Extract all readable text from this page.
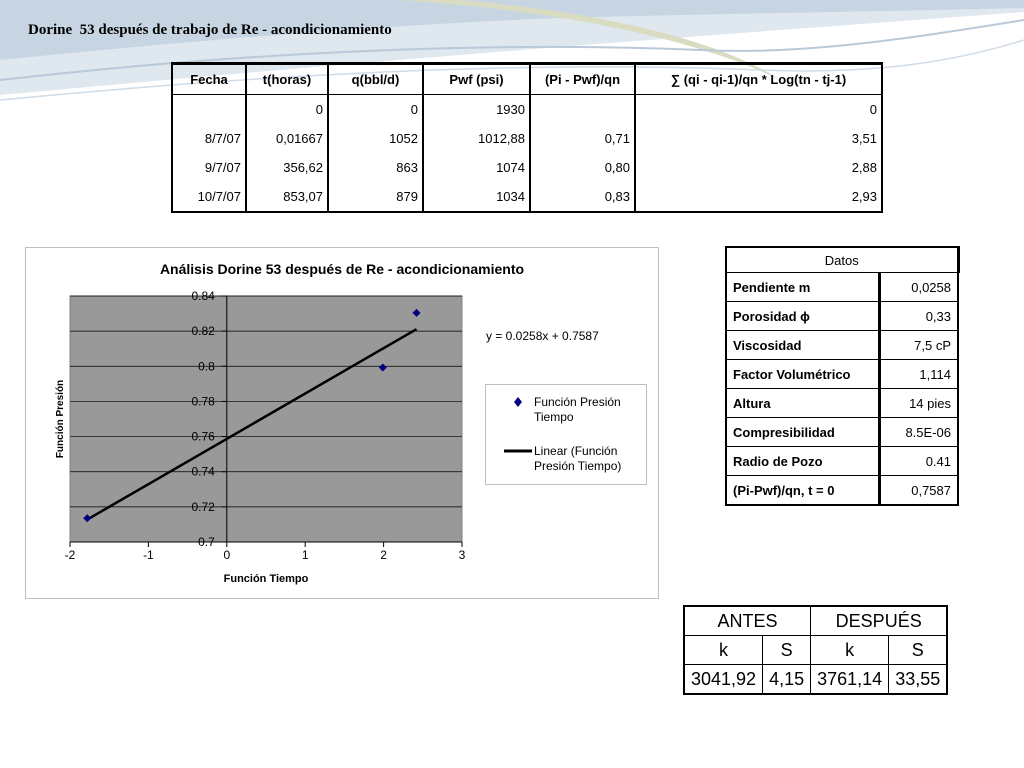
Dorine  53 después de trabajo de Re - acondicionamiento
Fecha	t(horas)	q(bbl/d)	Pwf (psi)	(Pi - Pwf)/qn	∑ (qi - qi-1)/qn * Log(tn - tj-1)
	0	0	1930		0
8/7/07	0,01667	1052	1012,88	0,71	3,51
9/7/07	356,62	863	1074	0,80	2,88
10/7/07	853,07	879	1034	0,83	2,93
0.7
0.72
0.74
0.76
0.78
0.8
0.82
0.84
-2	-1	0	1	2	3
Análisis Dorine 53 después de Re - acondicionamiento
Función Presión
Función Tiempo
y = 0.0258x + 0.7587
Función Presión Tiempo
Linear (Función Presión Tiempo)
Datos	
Pendiente m	0,0258
Porosidad ϕ	0,33
Viscosidad	7,5 cP
Factor Volumétrico	1,114
Altura	14 pies
Compresibilidad	8.5E-06
Radio de Pozo	0.41
(Pi-Pwf)/qn, t = 0	0,7587
ANTES		DESPUÉS	
k	S	k	S
3041,92	4,15	3761,14	33,55
